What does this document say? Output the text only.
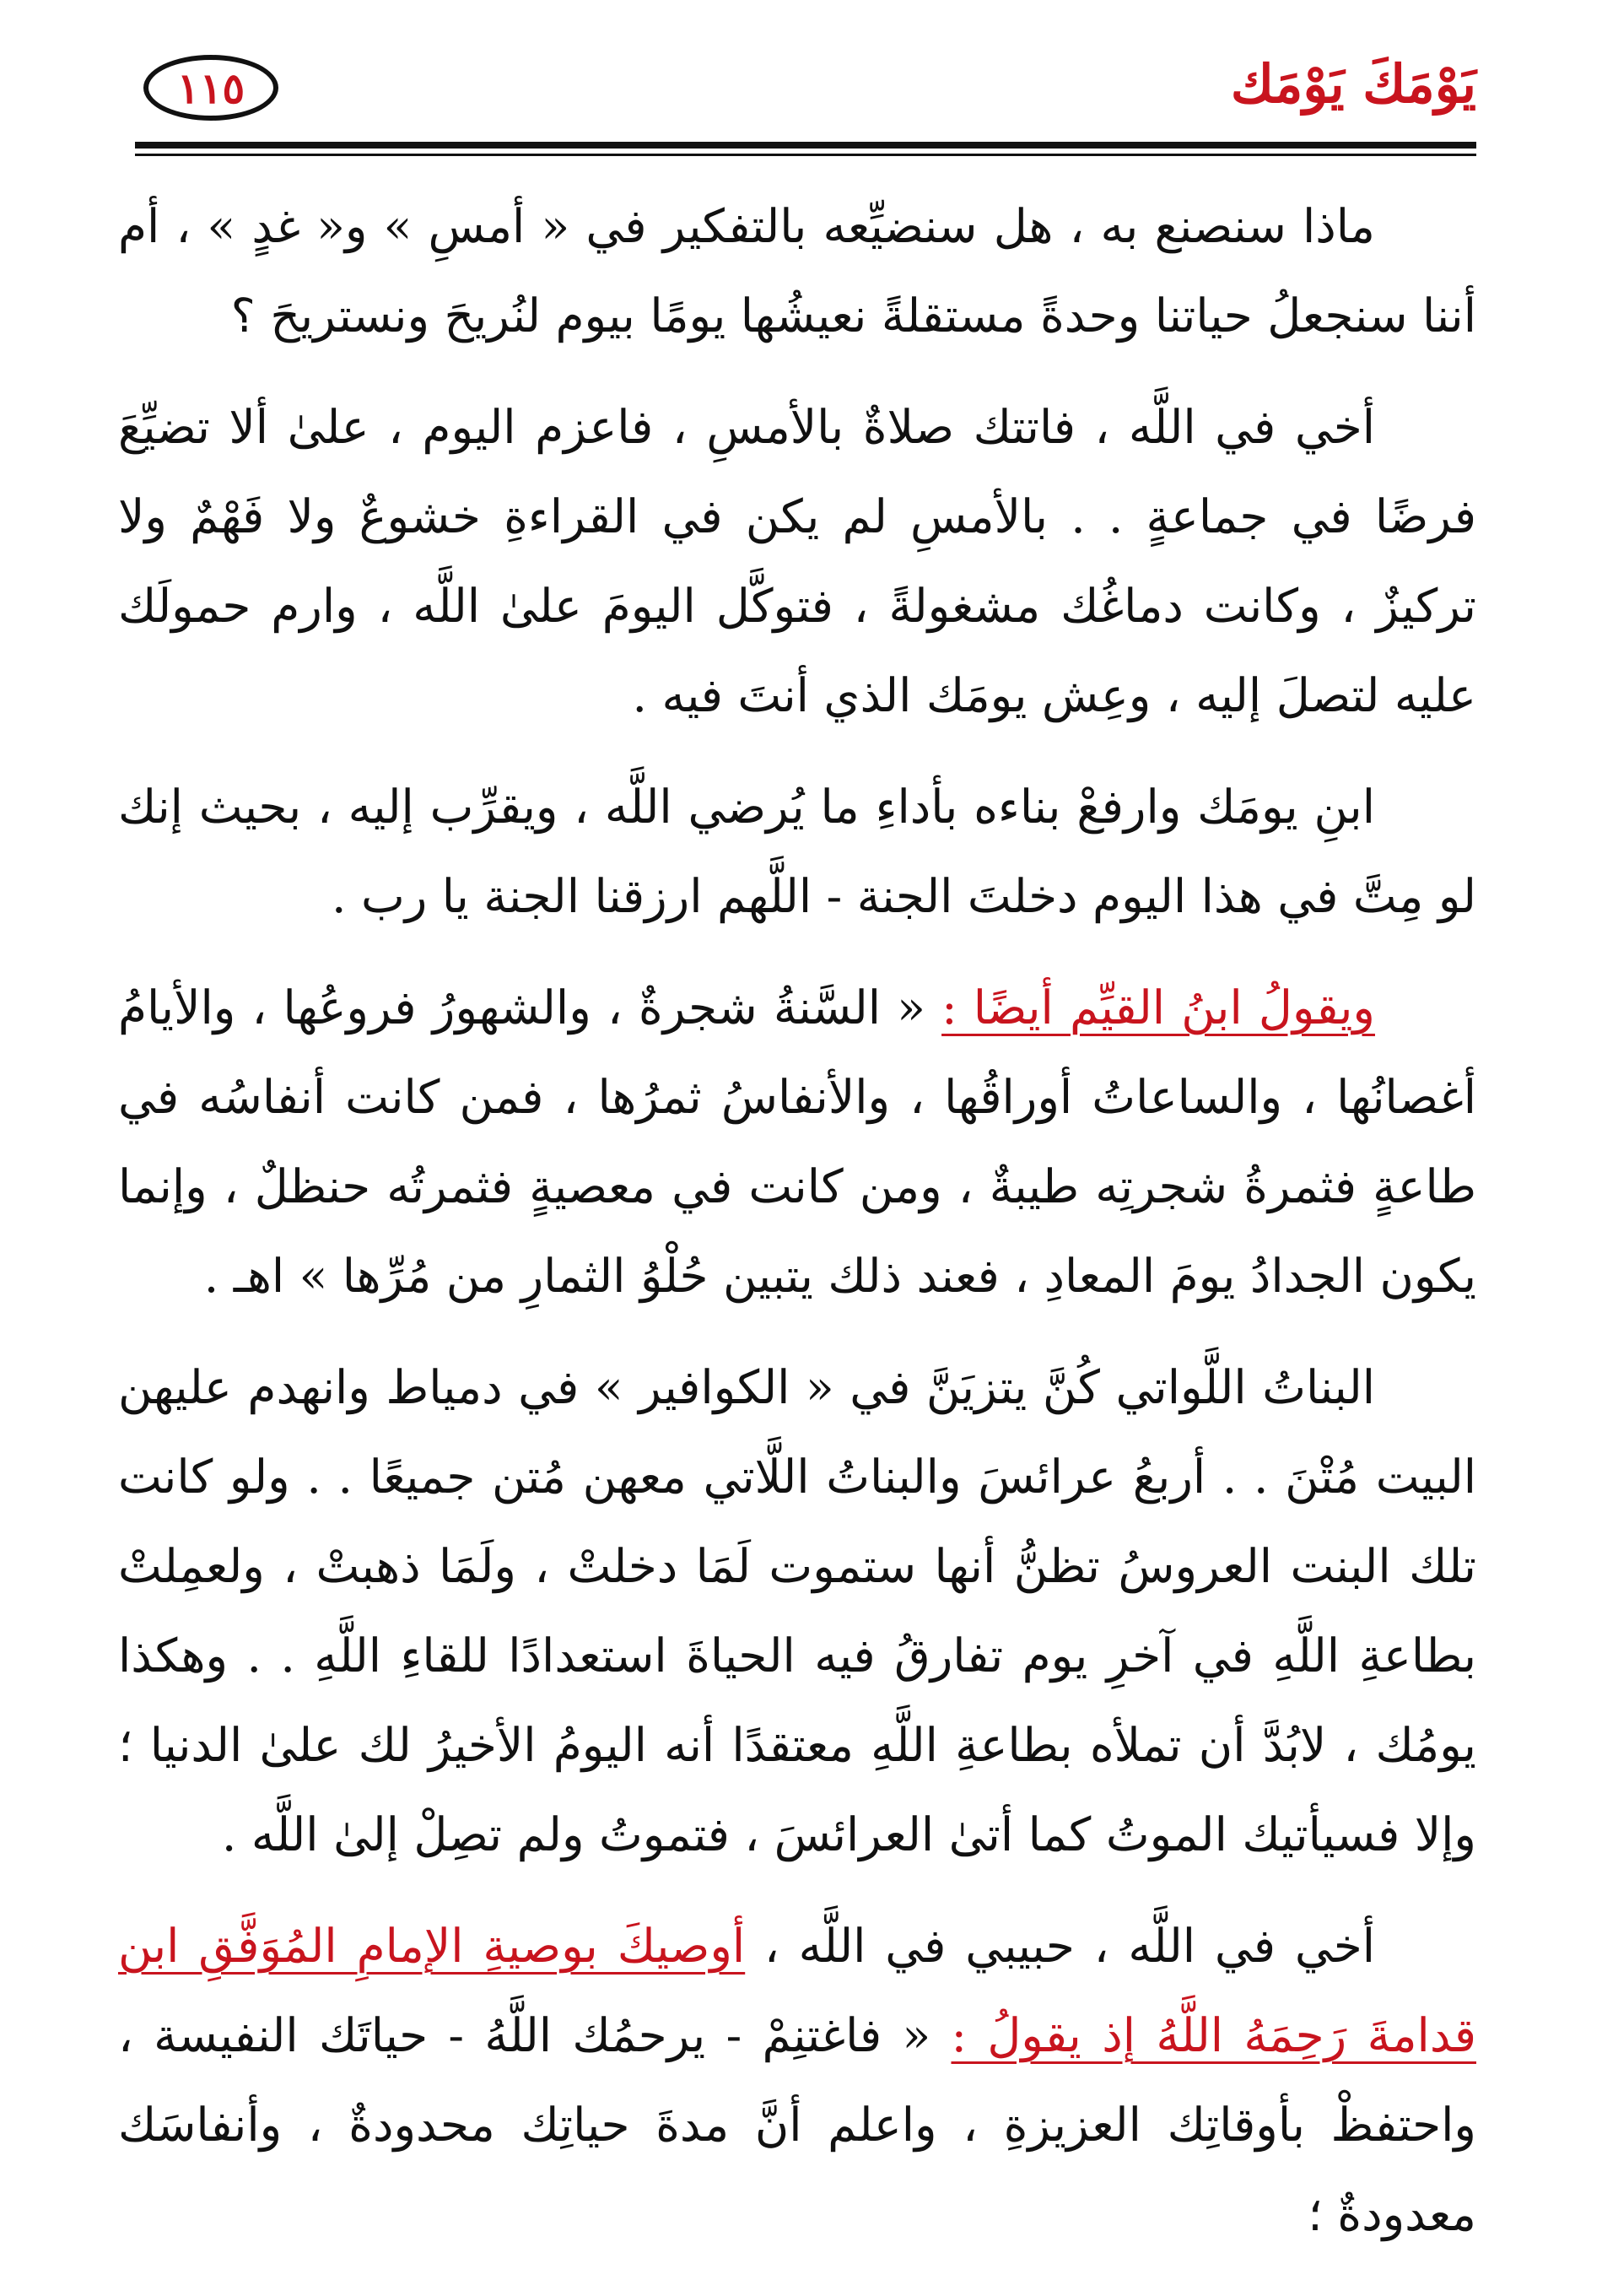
١١٥	يَوْمَكَ يَوْمَك

ماذا سنصنع به ، هل سنضيِّعه بالتفكير في « أمسِ » و« غدٍ » ، أم أننا سنجعلُ حياتنا وحدةً مستقلةً نعيشُها يومًا بيوم لنُريحَ ونستريحَ ؟

أخي في اللَّه ، فاتتك صلاةٌ بالأمسِ ، فاعزم اليوم ، علىٰ ألا تضيِّعَ فرضًا في جماعةٍ . . بالأمسِ لم يكن في القراءةِ خشوعٌ ولا فَهْمٌ ولا تركيزٌ ، وكانت دماغُك مشغولةً ، فتوكَّل اليومَ علىٰ اللَّه ، وارم حمولَك عليه لتصلَ إليه ، وعِش يومَك الذي أنتَ فيه .

ابنِ يومَك وارفعْ بناءه بأداءِ ما يُرضي اللَّه ، ويقرِّب إليه ، بحيث إنك لو مِتَّ في هذا اليوم دخلتَ الجنة - اللَّهم ارزقنا الجنة يا رب .

ويقولُ ابنُ القيِّم أيضًا : « السَّنةُ شجرةٌ ، والشهورُ فروعُها ، والأيامُ أغصانُها ، والساعاتُ أوراقُها ، والأنفاسُ ثمرُها ، فمن كانت أنفاسُه في طاعةٍ فثمرةُ شجرتِه طيبةٌ ، ومن كانت في معصيةٍ فثمرتُه حنظلٌ ، وإنما يكون الجدادُ يومَ المعادِ ، فعند ذلك يتبين حُلْوُ الثمارِ من مُرِّها » اهـ .

البناتُ اللَّواتي كُنَّ يتزيَنَّ في « الكوافير » في دمياط وانهدم عليهن البيت مُتْنَ . . أربعُ عرائسَ والبناتُ اللَّاتي معهن مُتن جميعًا . . ولو كانت تلك البنت العروسُ تظنُّ أنها ستموت لَمَا دخلتْ ، ولَمَا ذهبتْ ، ولعمِلتْ بطاعةِ اللَّهِ في آخرِ يوم تفارقُ فيه الحياةَ استعدادًا للقاءِ اللَّهِ . . وهكذا يومُك ، لابُدَّ أن تملأه بطاعةِ اللَّهِ معتقدًا أنه اليومُ الأخيرُ لك علىٰ الدنيا ؛ وإلا فسيأتيك الموتُ كما أتىٰ العرائسَ ، فتموتُ ولم تصِلْ إلىٰ اللَّه .

أخي في اللَّه ، حبيبي في اللَّه ، أوصيكَ بوصيةِ الإمامِ المُوَفَّقِ ابن قدامةَ رَحِمَهُ اللَّهُ إذ يقولُ : « فاغتنِمْ - يرحمُك اللَّهُ - حياتَك النفيسة ، واحتفظْ بأوقاتِك العزيزةِ ، واعلم أنَّ مدةَ حياتِك محدودةٌ ، وأنفاسَك معدودةٌ ؛
